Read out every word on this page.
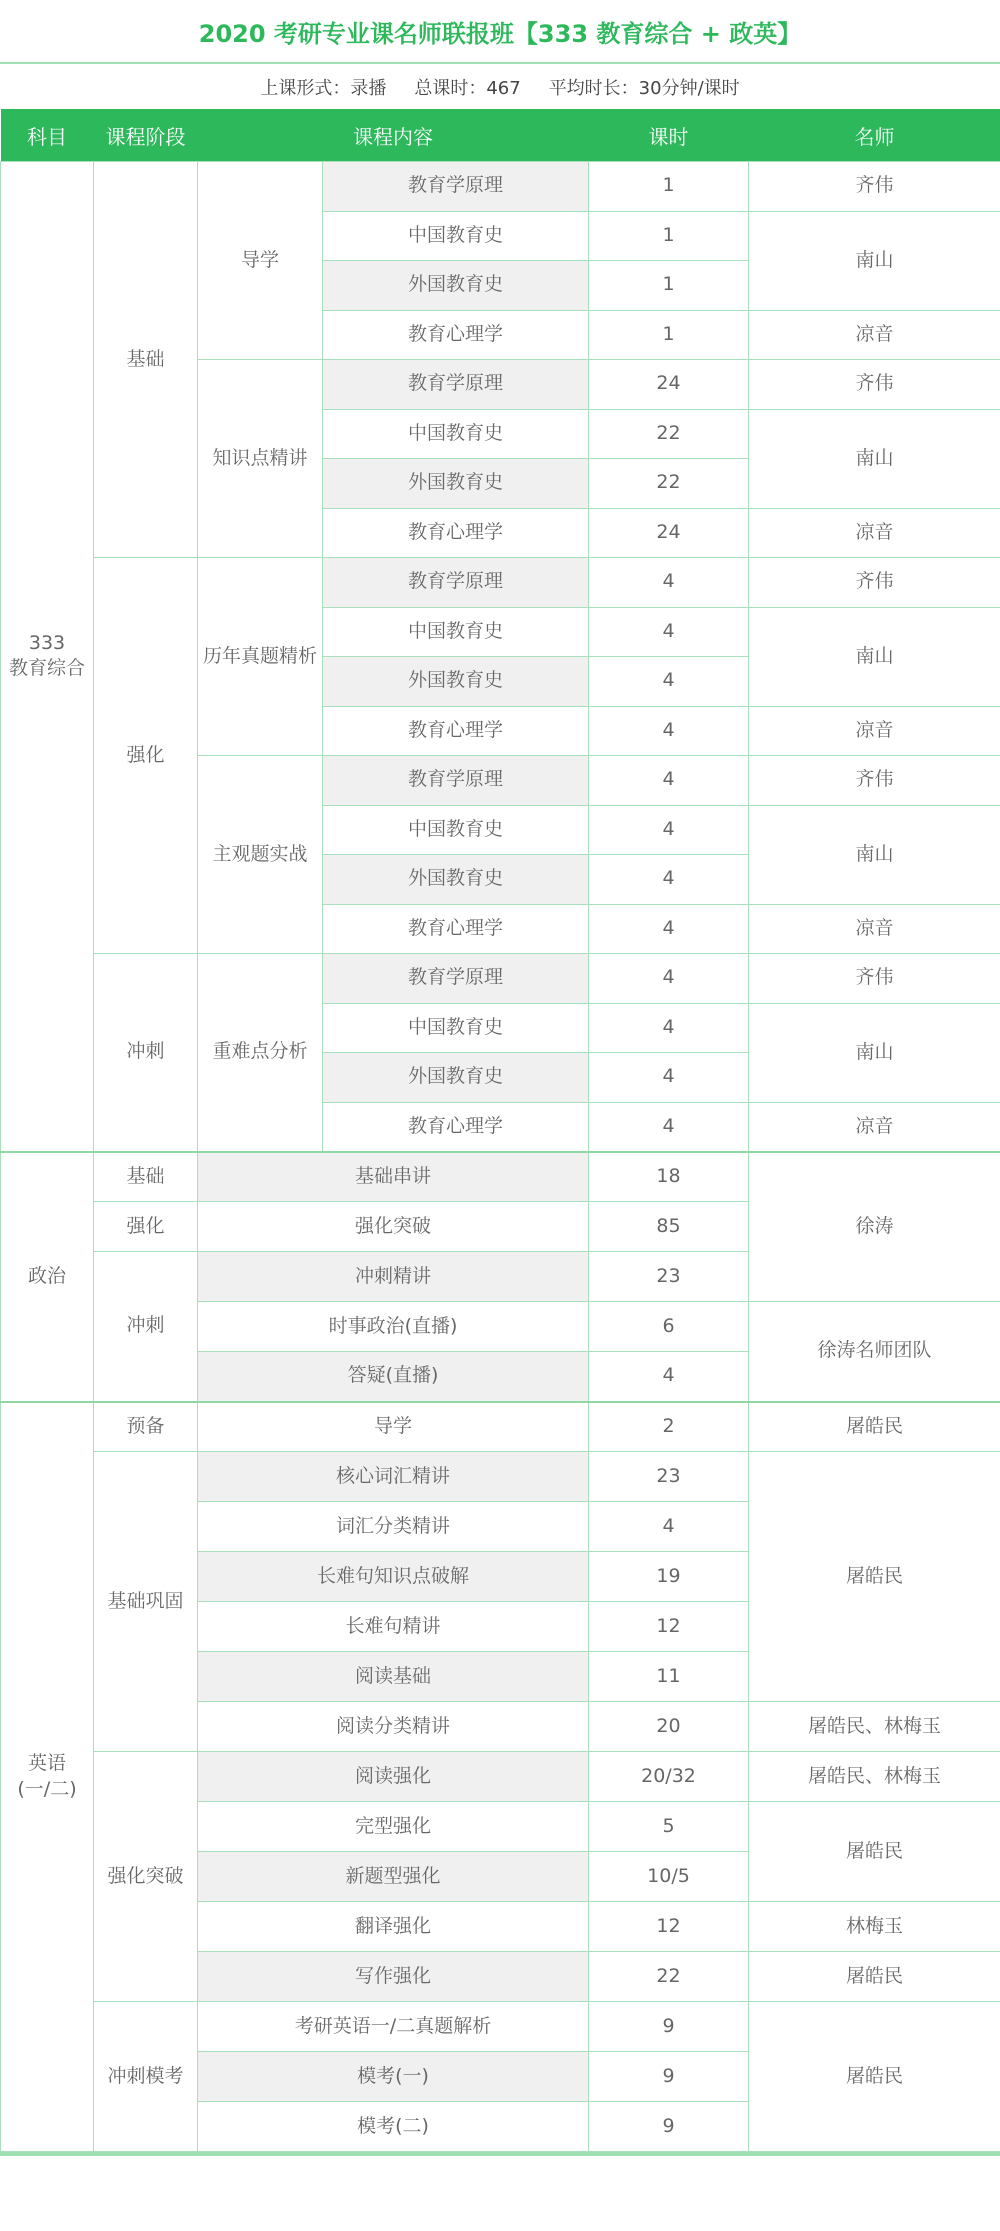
2020 考研专业课名师联报班【333 教育综合 + 政英】
上课形式：录播 总课时：467 平均时长：30分钟/课时
科目	课程阶段	课程内容		课时	名师
333
教育综合	基础	导学	教育学原理	1	齐伟
			中国教育史	1	南山
			外国教育史	1	
			教育心理学	1	凉音
		知识点精讲	教育学原理	24	齐伟
			中国教育史	22	南山
			外国教育史	22	
			教育心理学	24	凉音
	强化	历年真题精析	教育学原理	4	齐伟
			中国教育史	4	南山
			外国教育史	4	
			教育心理学	4	凉音
		主观题实战	教育学原理	4	齐伟
			中国教育史	4	南山
			外国教育史	4	
			教育心理学	4	凉音
	冲刺	重难点分析	教育学原理	4	齐伟
			中国教育史	4	南山
			外国教育史	4	
			教育心理学	4	凉音
政治	基础	基础串讲		18	徐涛
	强化	强化突破		85	
	冲刺	冲刺精讲		23	
		时事政治(直播)		6	徐涛名师团队
		答疑(直播)		4	
英语
(一/二)	预备	导学		2	屠皓民
	基础巩固	核心词汇精讲		23	屠皓民
		词汇分类精讲		4	
		长难句知识点破解		19	
		长难句精讲		12	
		阅读基础		11	
		阅读分类精讲		20	屠皓民、林梅玉
	强化突破	阅读强化		20/32	屠皓民、林梅玉
		完型强化		5	屠皓民
		新题型强化		10/5	
		翻译强化		12	林梅玉
		写作强化		22	屠皓民
	冲刺模考	考研英语一/二真题解析		9	屠皓民
		模考(一)		9	
		模考(二)		9	
